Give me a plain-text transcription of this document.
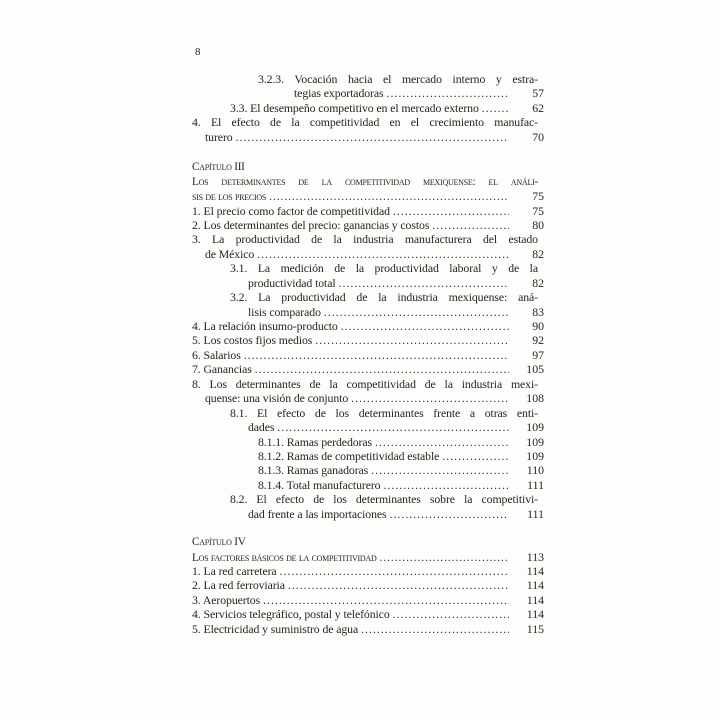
8
3.2.3. Vocación hacia el mercado interno y estra-
tegias exportadoras .....	57
3.3. El desempeño competitivo en el mercado externo .....	62
4. El efecto de la competitividad en el crecimiento manufac-
turero .....	70
Capítulo III
Los determinantes de la competitividad mexiquense: el análi-
sis de los precios .....	75
1. El precio como factor de competitividad .....	75
2. Los determinantes del precio: ganancias y costos .....	80
3. La productividad de la industria manufacturera del estado
de México .....	82
3.1. La medición de la productividad laboral y de la
productividad total .....	82
3.2. La productividad de la industria mexiquense: aná-
lisis comparado .....	83
4. La relación insumo-producto .....	90
5. Los costos fijos medios .....	92
6. Salarios .....	97
7. Ganancias .....	105
8. Los determinantes de la competitividad de la industria mexi-
quense: una visión de conjunto .....	108
8.1. El efecto de los determinantes frente a otras enti-
dades .....	109
8.1.1. Ramas perdedoras .....	109
8.1.2. Ramas de competitividad estable .....	109
8.1.3. Ramas ganadoras .....	110
8.1.4. Total manufacturero .....	111
8.2. El efecto de los determinantes sobre la competitivi-
dad frente a las importaciones .....	111
Capítulo IV
Los factores básicos de la competitividad .....	113
1. La red carretera .....	114
2. La red ferroviaria .....	114
3. Aeropuertos .....	114
4. Servicios telegráfico, postal y telefónico .....	114
5. Electricidad y suministro de agua .....	115
